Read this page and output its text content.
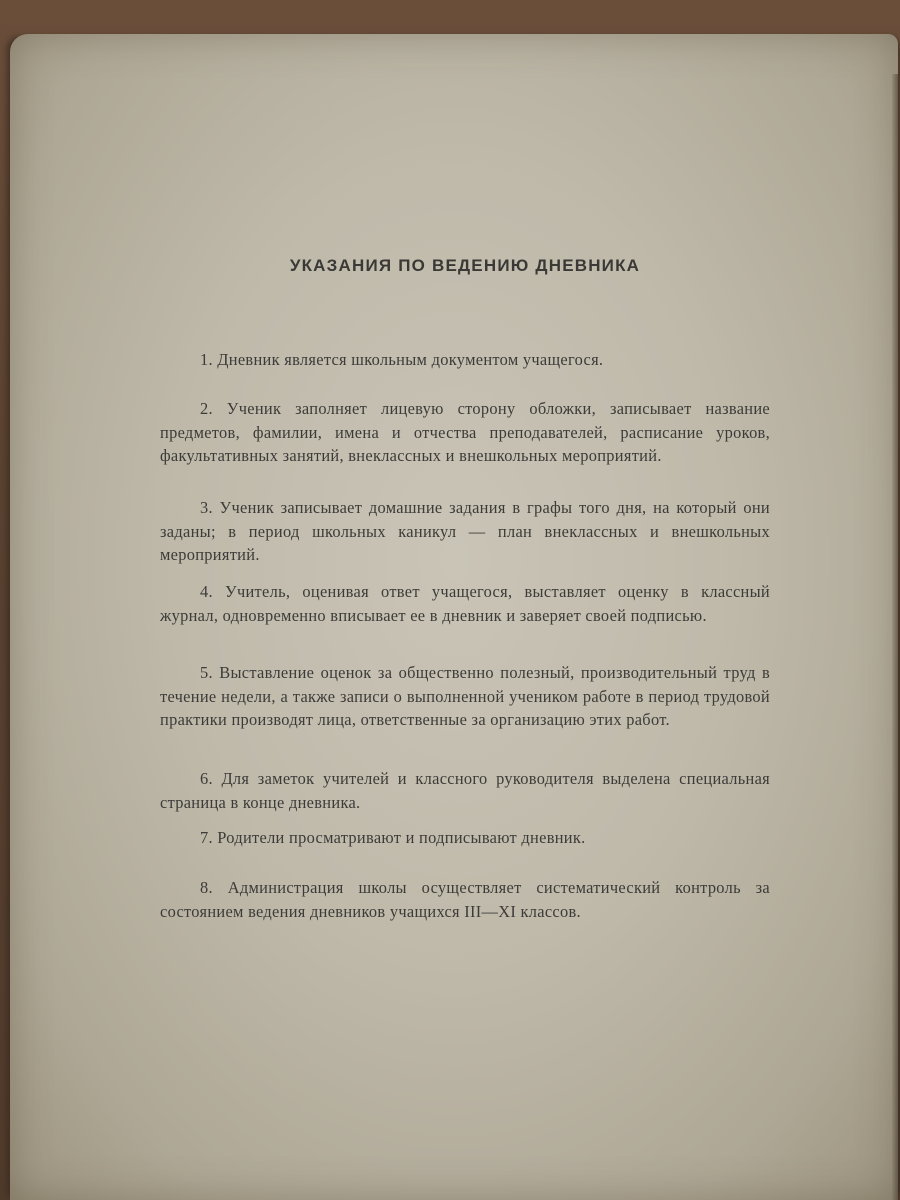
УКАЗАНИЯ ПО ВЕДЕНИЮ ДНЕВНИКА
1. Дневник является школьным документом учащегося.
2. Ученик заполняет лицевую сторону обложки, записывает название предметов, фамилии, имена и отчества преподавателей, расписание уроков, факультативных занятий, внеклассных и внешкольных мероприятий.
3. Ученик записывает домашние задания в графы того дня, на который они заданы; в период школьных каникул — план внеклассных и внешкольных мероприятий.
4. Учитель, оценивая ответ учащегося, выставляет оценку в классный журнал, одновременно вписывает ее в дневник и заверяет своей подписью.
5. Выставление оценок за общественно полезный, производительный труд в течение недели, а также записи о выполненной учеником работе в период трудовой практики производят лица, ответственные за организацию этих работ.
6. Для заметок учителей и классного руководителя выделена специальная страница в конце дневника.
7. Родители просматривают и подписывают дневник.
8. Администрация школы осуществляет систематический контроль за состоянием ведения дневников учащихся III—XI классов.
